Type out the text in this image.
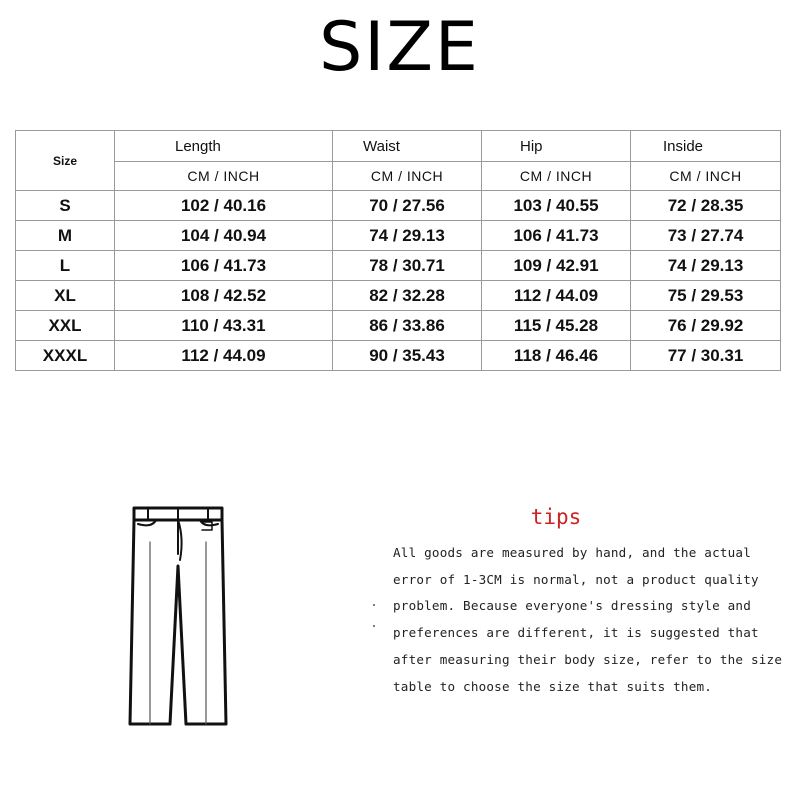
SIZE
Size	Length	Waist	Hip	Inside
	CM / INCH	CM / INCH	CM / INCH	CM / INCH
S	102 / 40.16	70 / 27.56	103 / 40.55	72 / 28.35
M	104 / 40.94	74 / 29.13	106 / 41.73	73 / 27.74
L	106 / 41.73	78 / 30.71	109 / 42.91	74 / 29.13
XL	108 / 42.52	82 / 32.28	112 / 44.09	75 / 29.53
XXL	110 / 43.31	86 / 33.86	115 / 45.28	76 / 29.92
XXXL	112 / 44.09	90 / 35.43	118 / 46.46	77 / 30.31
tips
All goods are measured by hand, and the actual
error of 1-3CM is normal, not a product quality
problem. Because everyone's dressing style and
preferences are different, it is suggested that
after measuring their body size, refer to the size
table to choose the size that suits them.
